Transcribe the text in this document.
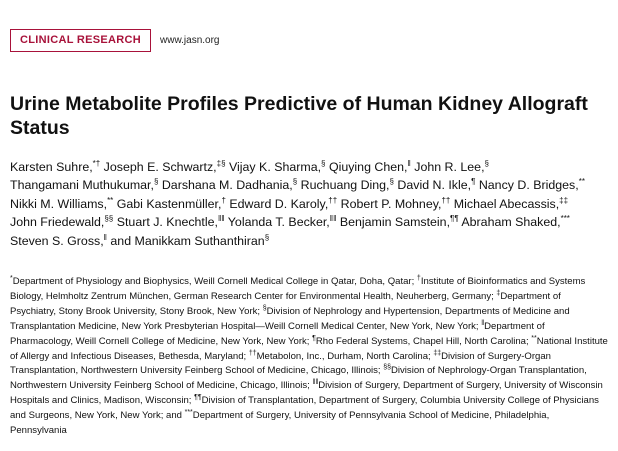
CLINICAL RESEARCH	www.jasn.org
Urine Metabolite Profiles Predictive of Human Kidney Allograft Status

Karsten Suhre,*† Joseph E. Schwartz,‡§ Vijay K. Sharma,§ Qiuying Chen,‖ John R. Lee,§ Thangamani Muthukumar,§ Darshana M. Dadhania,§ Ruchuang Ding,§ David N. Ikle,¶ Nancy D. Bridges,** Nikki M. Williams,** Gabi Kastenmüller,† Edward D. Karoly,†† Robert P. Mohney,†† Michael Abecassis,‡‡ John Friedewald,§§ Stuart J. Knechtle,‖‖ Yolanda T. Becker,‖‖ Benjamin Samstein,¶¶ Abraham Shaked,*** Steven S. Gross,‖ and Manikkam Suthanthiran§

*Department of Physiology and Biophysics, Weill Cornell Medical College in Qatar, Doha, Qatar; †Institute of Bioinformatics and Systems Biology, Helmholtz Zentrum München, German Research Center for Environmental Health, Neuherberg, Germany; ‡Department of Psychiatry, Stony Brook University, Stony Brook, New York; §Division of Nephrology and Hypertension, Departments of Medicine and Transplantation Medicine, New York Presbyterian Hospital—Weill Cornell Medical Center, New York, New York; ‖Department of Pharmacology, Weill Cornell College of Medicine, New York, New York; ¶Rho Federal Systems, Chapel Hill, North Carolina; **National Institute of Allergy and Infectious Diseases, Bethesda, Maryland; ††Metabolon, Inc., Durham, North Carolina; ‡‡Division of Surgery-Organ Transplantation, Northwestern University Feinberg School of Medicine, Chicago, Illinois; §§Division of Nephrology-Organ Transplantation, Northwestern University Feinberg School of Medicine, Chicago, Illinois; ‖‖Division of Surgery, Department of Surgery, University of Wisconsin Hospitals and Clinics, Madison, Wisconsin; ¶¶Division of Transplantation, Department of Surgery, Columbia University College of Physicians and Surgeons, New York, New York; and ***Department of Surgery, University of Pennsylvania School of Medicine, Philadelphia, Pennsylvania
